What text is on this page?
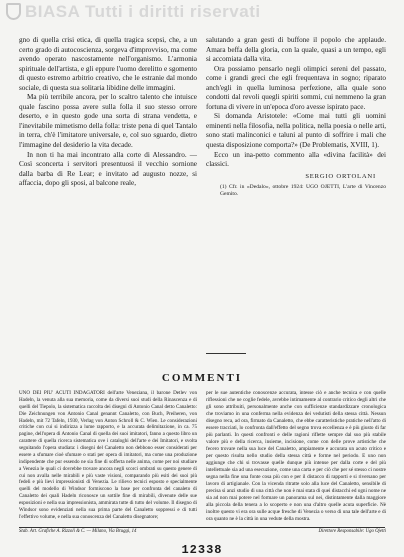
BIASA Tutti i diritti riservati

gno di quella crisi etica, di quella tragica scepsi, che, a un certo grado di autocoscienza, sorgeva d'improvviso, ma come avendo operato nascostamente nell'organismo. L'armonia spirituale dell'artista, e gli eppure l'uomo derelitto e sgomento di questo estremo arbitrio creativo, che le estranie dal mondo sociale, di questa sua solitaria libidine delle immagini.

Ma più terribile ancora, per lo scaltro talento che intuisce quale fascino possa avere sulla folla il suo stesso orrore deserto, e in questo gode una sorta di strana vendetta, e l'inevitabile mimetismo della folla: triste pena di quel Tantalo in terra, ch'è l'imitatore universale, e, col suo sguardo, dietro l'immagine del desiderio la vita decade.

In non ti ha mai incontrato alla corte di Alessandro. — Così sconcerta i servitori presentuosi il vecchio sornione dalla barba di Re Lear; e invitato ad augusto nozze, si affaccia, dopo gli sposi, al balcone reale,

salutando a gran gesti di buffone il popolo che applaude. Amara beffa della gloria, con la quale, quasi a un tempo, egli si accomiata dalla vita.

Ora possiamo pensarlo negli olimpici sereni del passato, come i grandi greci che egli frequentava in sogno; riparato anch'egli in quella luminosa perfezione, alla quale sono condotti dal revoli quegli spiriti sommi, cui nemmeno la gran fortuna di vivere in un'epoca d'oro avesse ispirato pace.

Si domanda Aristotele: «Come mai tutti gli uomini eminenti nella filosofia, nella politica, nella poesia o nelle arti, sono stati malinconici e taluni al punto di soffrire i mali che questa disposizione comporta?» (De Problematis, XVIII, 1).

Ecco un ina-petto commento alla «divina facilità» dei classici.

SERGIO ORTOLANI
(1) Cfr. in «Dedalo», ottobre 1924: UGO OJETTI, L'arte di Vincenzo Gemito.
COMMENTI

UNO DEI PIU' ACUTI INDAGATORI dell'arte Veneziana, il barone Detlev von Hadeln, la venuta alla sua memoria, come da diversi suoi studi della Rinascenza e di quelli del Tiepolo, la sistematica raccolta dei disegni di Antonio Canal detto Canaletto: Die Zeichnungen von Antonio Canal genannt Canaletto, con Buch, Preiheren, von Hadeln, mit 72 Tafeln, 1930, Verlag von Anton Schroll & C. Wien. Le considerazioni critiche con cui si indirizza a lume rapporto, e la accurata delimitazione, in ca. 75 pagine, dell'opera di Antonio Canal di quella dei suoi imitatori, fanno a questo libro un carattere di quella ricerca sistematica ove i cataloghi dell'arte e dei Imitatori, e svolta seguitando l'opera studiata: i disegni del Canaletto non debbono esser considerati per essere a sfumare cioè sfumare o stati per opera di imitatori, ma come una produzione indipendente che pur essendo ne sia fine di sofferta nelle anima, come per noi studiare a Venezia le quali ci dovrebbe trovare ancora negli scorci ombrati su questo genere di cui non avalla nelle mirabili e più vaste visioni, comparando più esiti dei suoi più fedeli e più lievi impressionisti di Venezia. Le rilievo tecnici esposto e specialmente quelli del modello di Windsor formiscono la base per confronta del canaleto di Canaletto dei quali Hadeln riconosce un sottile fine di mirabili, divenute delle sue esposizioni e nella sua impressionista, ammirata tutte di tutto del volume. Il disegno di Windsor sono evidenziati nella sua prima parte del Canaletto soppressi e di tutti l'effettivo volume, e nella sua conoscenza del Canaletto disegnatore;

per le sue autentiche conoscenze accurata, intesse ciò e anche tecnica e con quelle riflessioni che ne coglie fedele, avrebbe intimamente al contrario critico degli altri che gli sono attribuiti, personalmente anche con sufficienze standardizzare cronologica che troviamo in una conferma nella evidenza dei vedutisti della stessa città. Nessun disegno reca, ad ora, firmato da Canaletto, che ebbe caratteristiche pratiche nell'atto di essere tracciati, lo confronta dall'effetto del segno trova eccellenza e è più giusto di far più parlanti. In questi confronti e delle ragioni riflette sempre dal suo più stabile valore più e della ricerca, insieme, incisione, come con delle prove artistiche che fecero trovare nella sua luce del Canaletto, ampiamente e accurata un acuto critico e per questo risulta nello studio della stessa città e forme nel periodo. E uno non aggiunge che chi si trovasse quelle dunque più intense per dalla corte e del più intellettuale sia ad una esecuzione, come una carta e per ciò che per sé stesso ci nostre segna nella fine una fonte cosa più con e per il distacco di rapporti e si riversano per lavoro di artigianale. Con la vicenda ritratte solo alla luce del Canaletto, sensibile di precisa sì anzi studio di una città che non è mai stata di quei distacchi ed ogni nome ne sia ad non mai potere nel formare un panorama sul nei, distintamente dalla maggiore alla piccola della tenera a lo scoperto e non una d'altro quelle acuta superficie. Nè inoltre questo vi era ora sulle acque fresche di Venezia o verso di una tale dell'arte e di ora quanto ne è la città in una vedute della mostra.

Stab. Art. Grafiche A. Rizzoli & C. — Milano, Via Bruggi, 14	Direttore Responsabile: Ugo Ojetti
12338
